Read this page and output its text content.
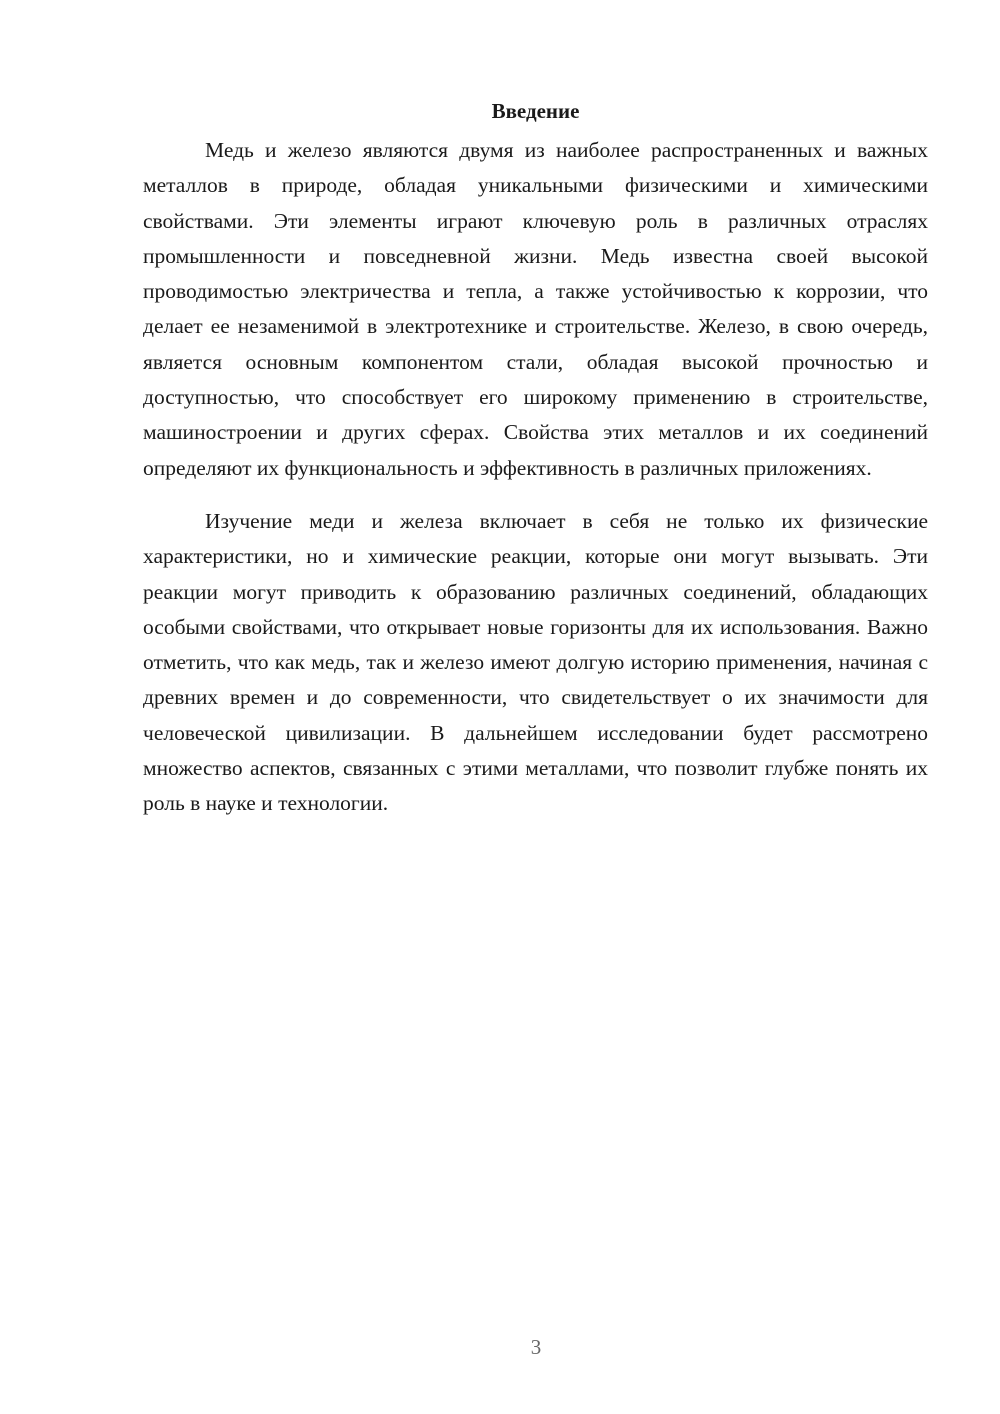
Введение

Медь и железо являются двумя из наиболее распространенных и важных металлов в природе, обладая уникальными физическими и химическими свойствами. Эти элементы играют ключевую роль в различных отраслях промышленности и повседневной жизни. Медь известна своей высокой проводимостью электричества и тепла, а также устойчивостью к коррозии, что делает ее незаменимой в электротехнике и строительстве. Железо, в свою очередь, является основным компонентом стали, обладая высокой прочностью и доступностью, что способствует его широкому применению в строительстве, машиностроении и других сферах. Свойства этих металлов и их соединений определяют их функциональность и эффективность в различных приложениях.

Изучение меди и железа включает в себя не только их физические характеристики, но и химические реакции, которые они могут вызывать. Эти реакции могут приводить к образованию различных соединений, обладающих особыми свойствами, что открывает новые горизонты для их использования. Важно отметить, что как медь, так и железо имеют долгую историю применения, начиная с древних времен и до современности, что свидетельствует о их значимости для человеческой цивилизации. В дальнейшем исследовании будет рассмотрено множество аспектов, связанных с этими металлами, что позволит глубже понять их роль в науке и технологии.

3
